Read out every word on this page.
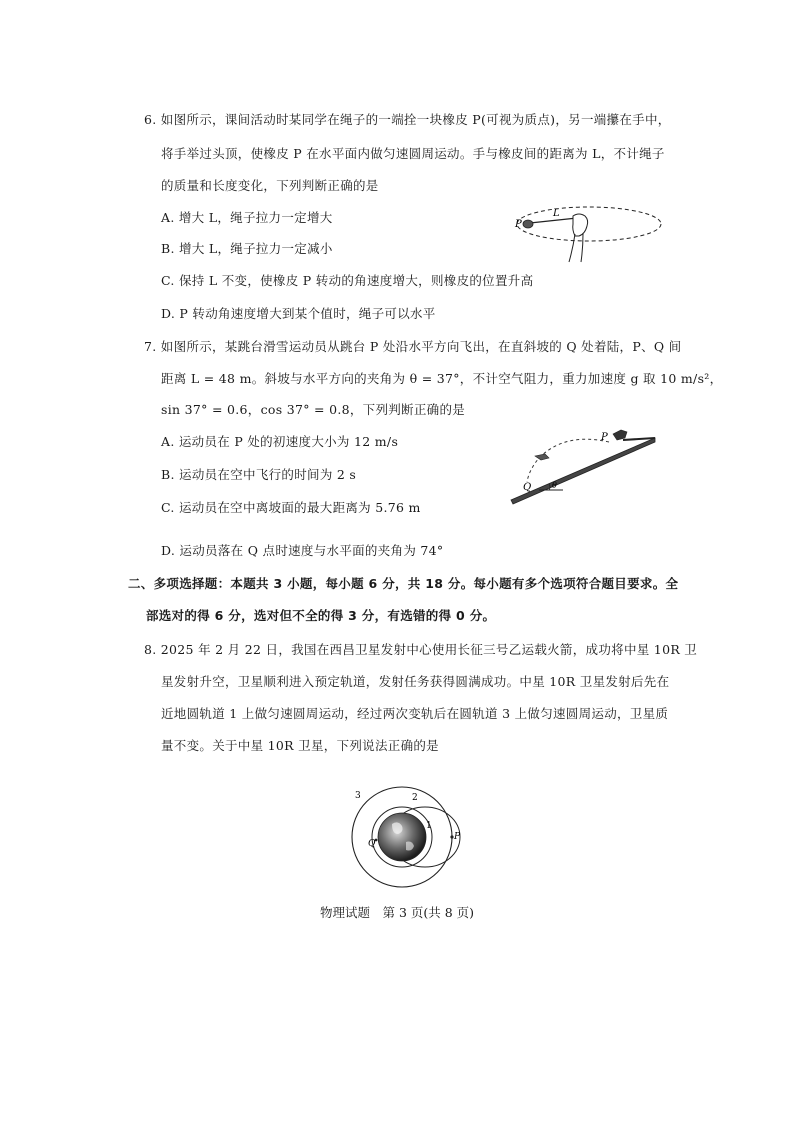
6. 如图所示，课间活动时某同学在绳子的一端拴一块橡皮 P(可视为质点)，另一端攥在手中，
将手举过头顶，使橡皮 P 在水平面内做匀速圆周运动。手与橡皮间的距离为 L，不计绳子
的质量和长度变化，下列判断正确的是
A. 增大 L，绳子拉力一定增大
B. 增大 L，绳子拉力一定减小
C. 保持 L 不变，使橡皮 P 转动的角速度增大，则橡皮的位置升高
D. P 转动角速度增大到某个值时，绳子可以水平
P
L
7. 如图所示，某跳台滑雪运动员从跳台 P 处沿水平方向飞出，在直斜坡的 Q 处着陆，P、Q 间
距离 L = 48 m。斜坡与水平方向的夹角为 θ = 37°，不计空气阻力，重力加速度 g 取 10 m/s²，
sin 37° = 0.6，cos 37° = 0.8，下列判断正确的是
A. 运动员在 P 处的初速度大小为 12 m/s
B. 运动员在空中飞行的时间为 2 s
C. 运动员在空中离坡面的最大距离为 5.76 m
D. 运动员落在 Q 点时速度与水平面的夹角为 74°
P
Q	θ
二、多项选择题：本题共 3 小题，每小题 6 分，共 18 分。每小题有多个选项符合题目要求。全
部选对的得 6 分，选对但不全的得 3 分，有选错的得 0 分。
8. 2025 年 2 月 22 日，我国在西昌卫星发射中心使用长征三号乙运载火箭，成功将中星 10R 卫
星发射升空，卫星顺利进入预定轨道，发射任务获得圆满成功。中星 10R 卫星发射后先在
近地圆轨道 1 上做匀速圆周运动，经过两次变轨后在圆轨道 3 上做匀速圆周运动，卫星质
量不变。关于中星 10R 卫星，下列说法正确的是
3	2
1
P
Q
物理试题　第 3 页(共 8 页)
